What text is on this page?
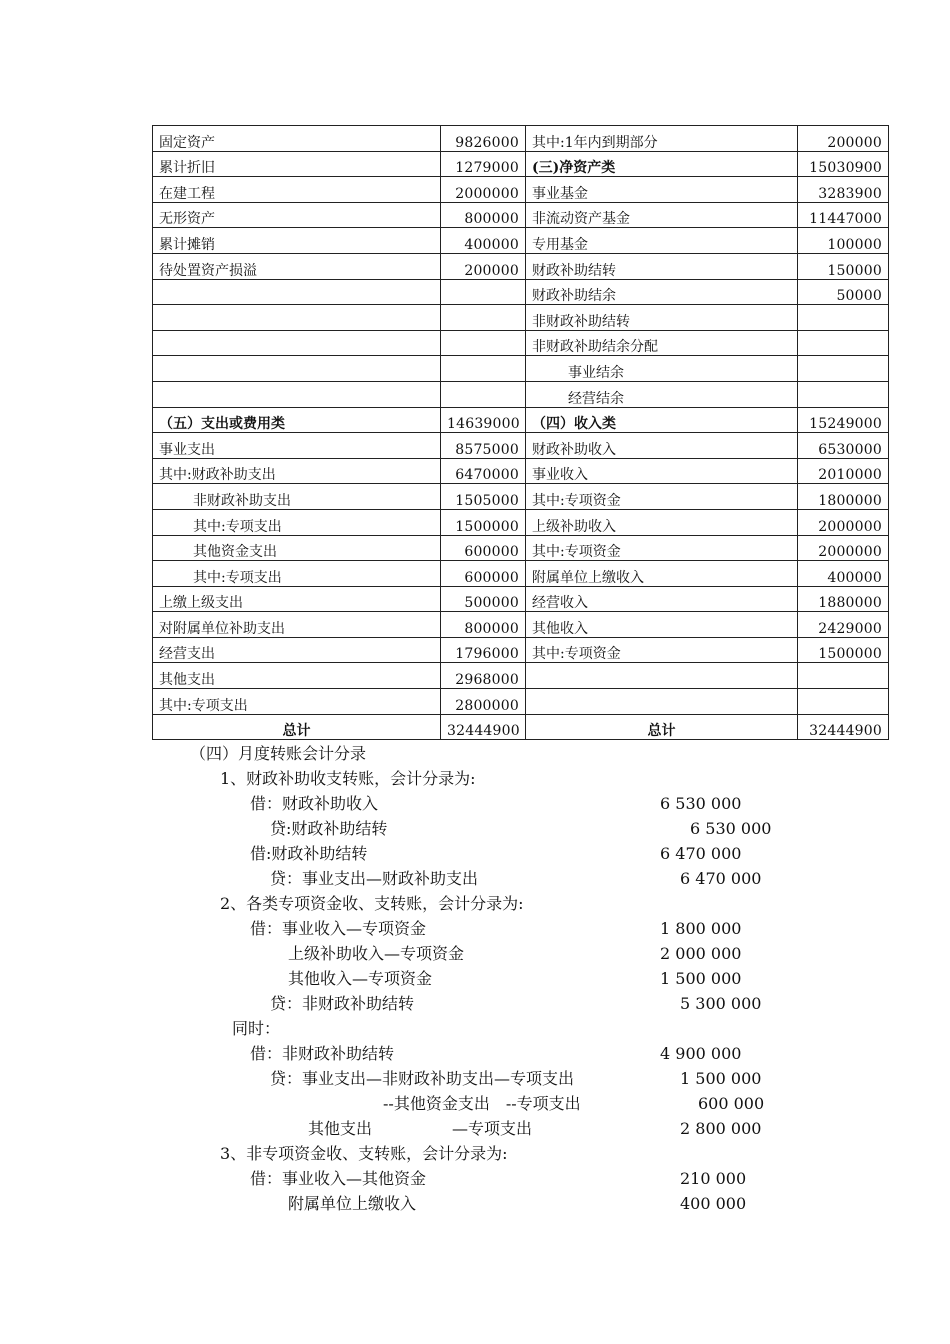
固定资产	9826000	其中:1年内到期部分	200000
累计折旧	1279000	(三)净资产类	15030900
在建工程	2000000	事业基金	3283900
无形资产	800000	非流动资产基金	11447000
累计摊销	400000	专用基金	100000
待处置资产损溢	200000	财政补助结转	150000
		财政补助结余	50000
		非财政补助结转	
		非财政补助结余分配	
		事业结余	
		经营结余	
（五）支出或费用类	14639000	（四）收入类	15249000
事业支出	8575000	财政补助收入	6530000
其中:财政补助支出	6470000	事业收入	2010000
非财政补助支出	1505000	其中:专项资金	1800000
其中:专项支出	1500000	上级补助收入	2000000
其他资金支出	600000	其中:专项资金	2000000
其中:专项支出	600000	附属单位上缴收入	400000
上缴上级支出	500000	经营收入	1880000
对附属单位补助支出	800000	其他收入	2429000
经营支出	1796000	其中:专项资金	1500000
其他支出	2968000		
其中:专项支出	2800000		
总计	32444900	总计	32444900
（四）月度转账会计分录
1、财政补助收支转账，会计分录为:
借：财政补助收入	6 530 000
贷:财政补助结转	6 530 000
借:财政补助结转	6 470 000
贷：事业支出—财政补助支出	6 470 000
2、各类专项资金收、支转账，会计分录为:
借：事业收入—专项资金	1 800 000
上级补助收入—专项资金	2 000 000
其他收入—专项资金	1 500 000
贷：非财政补助结转	5 300 000
同时：
借：非财政补助结转	4 900 000
贷：事业支出—非财政补助支出—专项支出	1 500 000
--其他资金支出　--专项支出	600 000
其他支出　　　　　—专项支出	2 800 000
3、非专项资金收、支转账，会计分录为:
借：事业收入—其他资金	210 000
附属单位上缴收入	400 000
